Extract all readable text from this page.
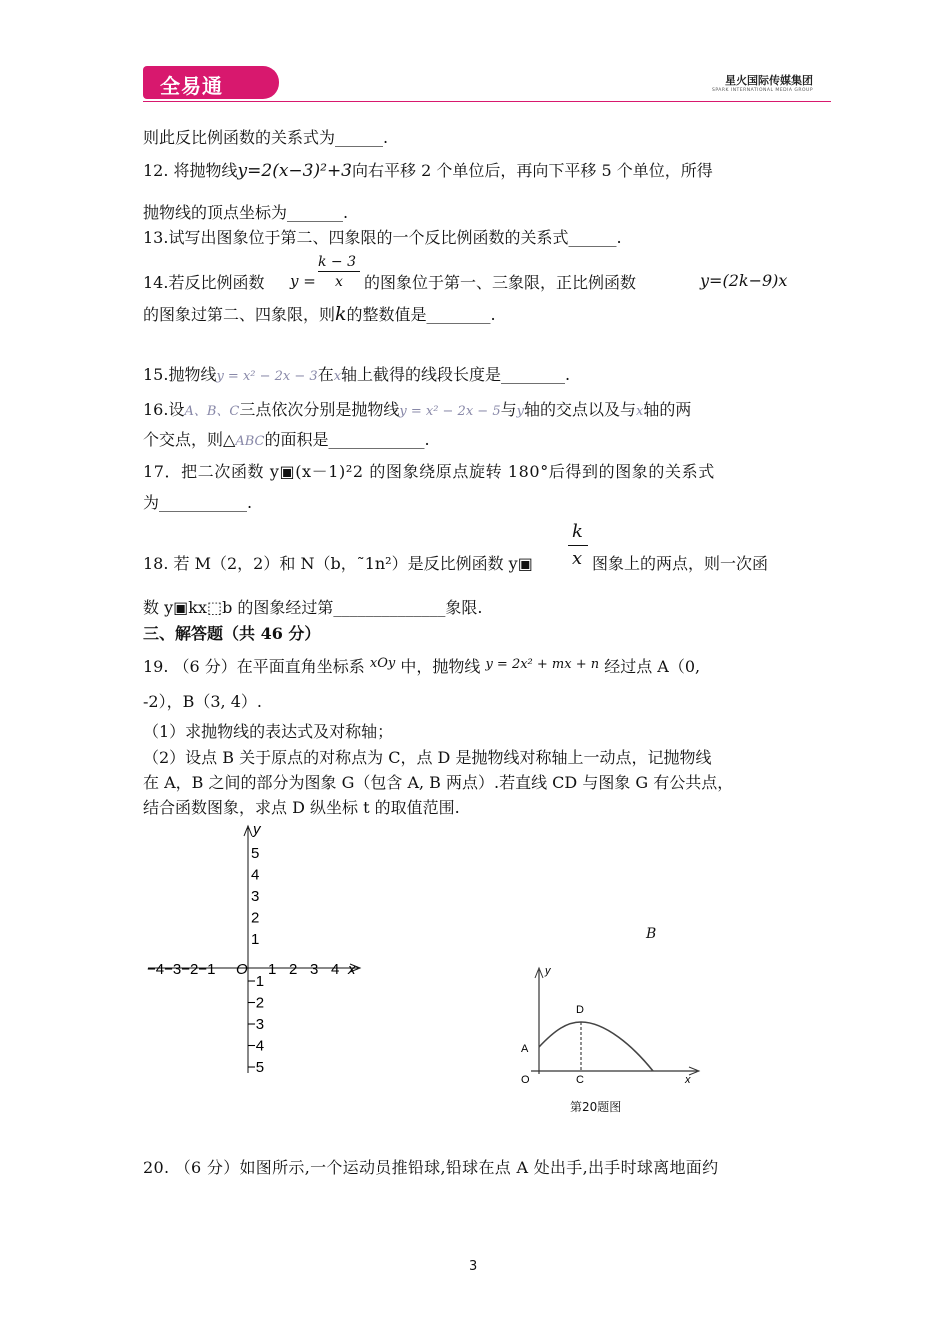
全易通	星火国际传媒集团
SPARK INTERNATIONAL MEDIA GROUP
则此反比例函数的关系式为______.
12. 将抛物线y=2(x−3)²+3向右平移 2 个单位后，再向下平移 5 个单位，所得
抛物线的顶点坐标为_______.
13.试写出图象位于第二、四象限的一个反比例函数的关系式______.
14.若反比例函数 y =
k − 3
x 的图象位于第一、三象限，正比例函数	y=(2k−9)x
的图象过第二、四象限，则k的整数值是________.
15.抛物线y = x² − 2x − 3在x轴上截得的线段长度是________.
16.设A、B、C三点依次分别是抛物线y = x² − 2x − 5与y轴的交点以及与x轴的两
个交点，则△ABC的面积是____________.
17．把二次函数 y▣(x－1)²2 的图象绕原点旋转 180°后得到的图象的关系式
为___________.
k
x
18. 若 M（2，2）和 N（b，˜1n²）是反比例函数 y▣	图象上的两点，则一次函
数 y▣kx⬚b 的图象经过第______________象限.
三、解答题（共 46 分）
19. （6 分）在平面直角坐标系 $^{xOy}$ 中，抛物线 $^{y = 2x^2 + mx + n}$ 经过点 A（0,
-2），B（3, 4）.
（1）求抛物线的表达式及对称轴；
（2）设点 B 关于原点的对称点为 C，点 D 是抛物线对称轴上一动点，记抛物线
在 A，B 之间的部分为图象 G（包含 A, B 两点）.若直线 CD 与图象 G 有公共点，
结合函数图象，求点 D 纵坐标 t 的取值范围.
y
x
O
−4−3−2−1
5
4
3
2
1
−1
−2
−3
−4
−5
1 2 3 4
B
y
x
O
A
C
D
第20题图
20. （6 分）如图所示,一个运动员推铅球,铅球在点 A 处出手,出手时球离地面约
3
